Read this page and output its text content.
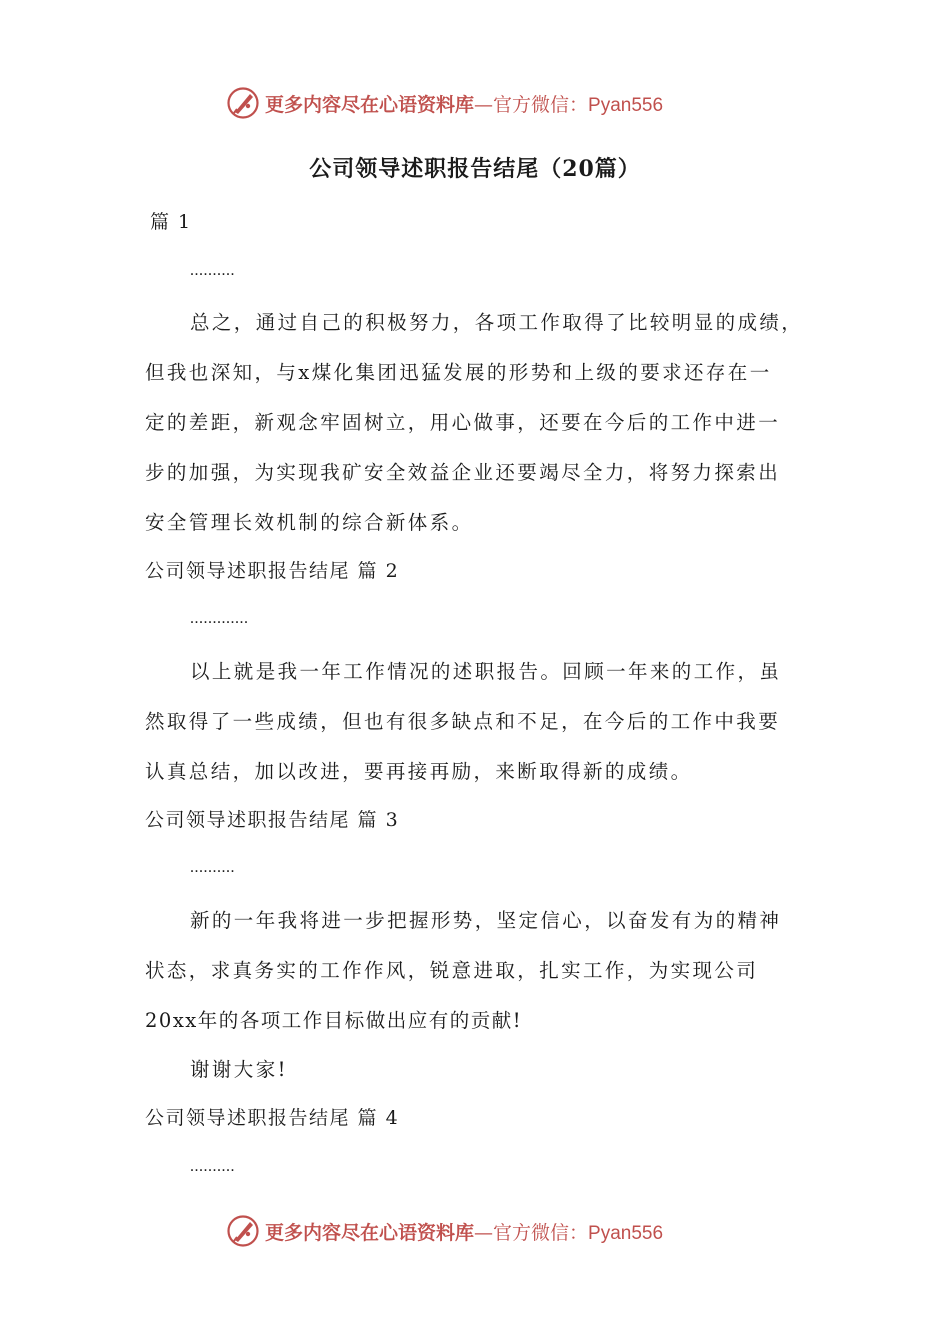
更多内容尽在心语资料库—官方微信：Pyan556
公司领导述职报告结尾（20篇）
篇 1
..........
总之，通过自己的积极努力，各项工作取得了比较明显的成绩，
但我也深知，与x煤化集团迅猛发展的形势和上级的要求还存在一
定的差距，新观念牢固树立，用心做事，还要在今后的工作中进一
步的加强，为实现我矿安全效益企业还要竭尽全力，将努力探索出
安全管理长效机制的综合新体系。
公司领导述职报告结尾 篇 2
.............
以上就是我一年工作情况的述职报告。回顾一年来的工作，虽
然取得了一些成绩，但也有很多缺点和不足，在今后的工作中我要
认真总结，加以改进，要再接再励，来断取得新的成绩。
公司领导述职报告结尾 篇 3
..........
新的一年我将进一步把握形势，坚定信心，以奋发有为的精神
状态，求真务实的工作作风，锐意进取，扎实工作，为实现公司
20xx年的各项工作目标做出应有的贡献!
谢谢大家!
公司领导述职报告结尾 篇 4
..........
更多内容尽在心语资料库—官方微信：Pyan556
